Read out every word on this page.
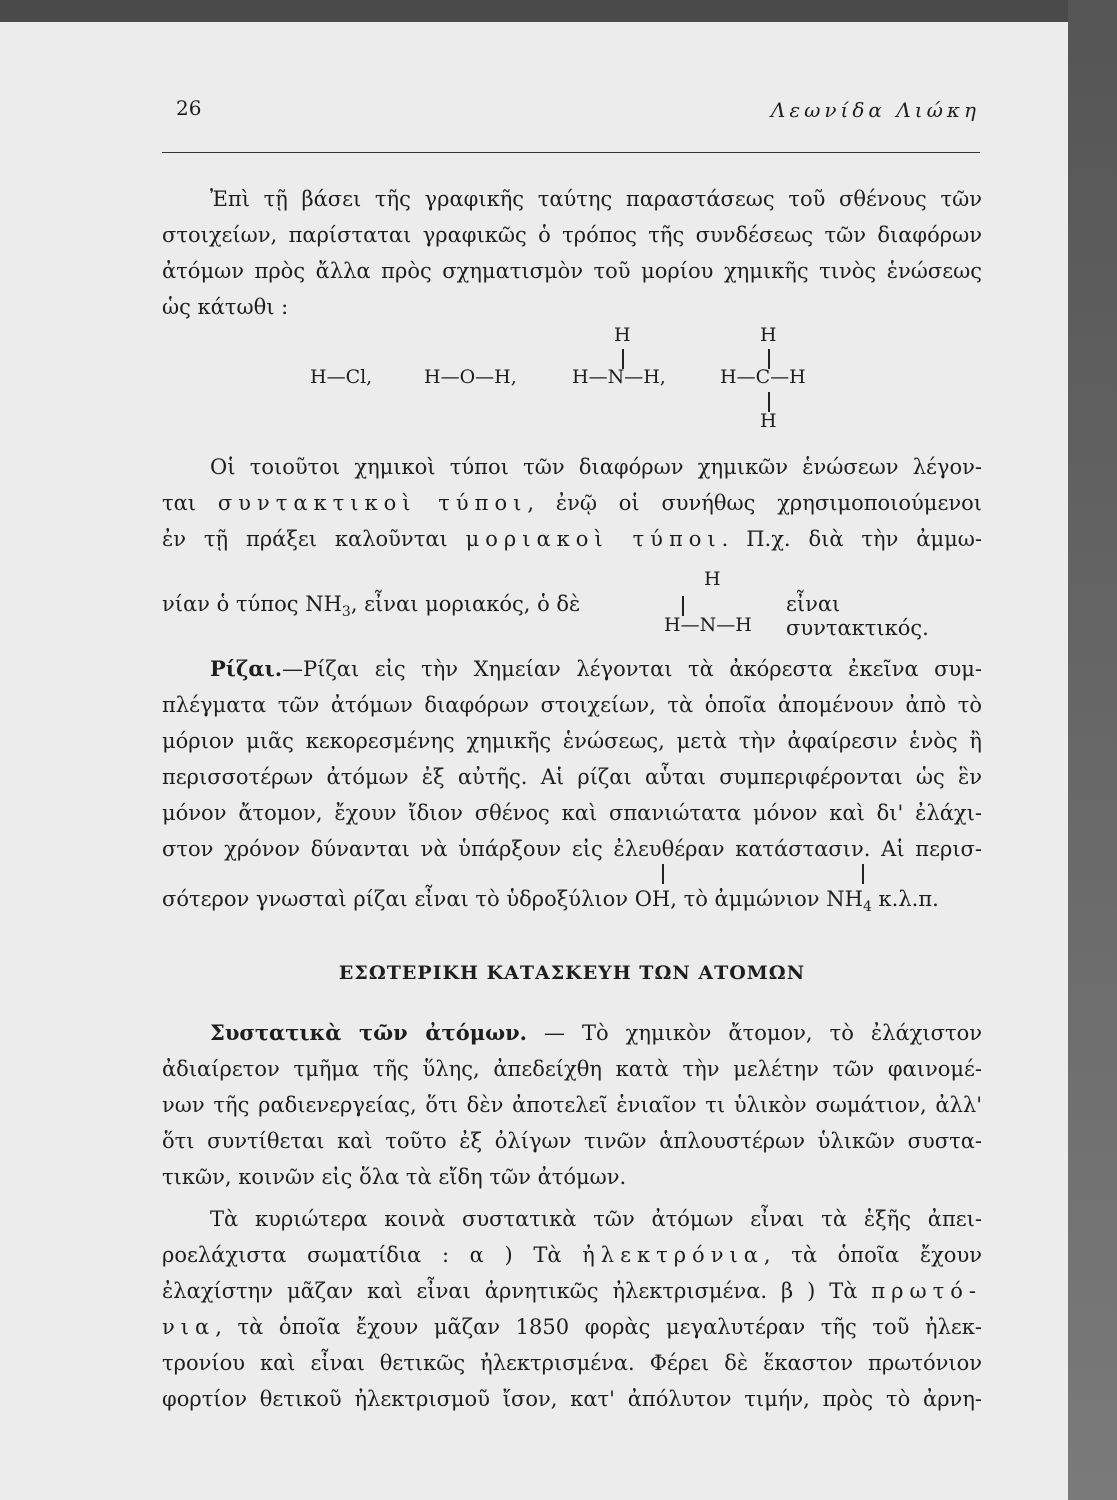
26	Λεωνίδα Λιώκη

Ἐπὶ τῇ βάσει τῆς γραφικῆς ταύτης παραστάσεως τοῦ σθένους τῶν

στοιχείων, παρίσταται γραφικῶς ὁ τρόπος τῆς συνδέσεως τῶν διαφόρων

ἀτόμων πρὸς ἄλλα πρὸς σχηματισμὸν τοῦ μορίου χημικῆς τινὸς ἑνώσεως

ὡς κάτωθι :

H—Cl,	H—O—H,
H
H—N—H,
H
H—C—H
H

Οἱ τοιοῦτοι χημικοὶ τύποι τῶν διαφόρων χημικῶν ἑνώσεων λέγον-

ται συντακτικοὶ τύποι, ἐνῷ οἱ συνήθως χρησιμοποιούμενοι

ἐν τῇ πράξει καλοῦνται μοριακοὶ τύποι. Π.χ. διὰ τὴν ἀμμω-

νίαν ὁ τύπος $NH_3$, εἶναι μοριακός, ὁ δὲ
H
H—N—H
εἶναι συντακτικός.

Ρίζαι.—Ρίζαι εἰς τὴν Χημείαν λέγονται τὰ ἀκόρεστα ἐκεῖνα συμ-

πλέγματα τῶν ἀτόμων διαφόρων στοιχείων, τὰ ὁποῖα ἀπομένουν ἀπὸ τὸ

μόριον μιᾶς κεκορεσμένης χημικῆς ἑνώσεως, μετὰ τὴν ἀφαίρεσιν ἑνὸς ἢ

περισσοτέρων ἀτόμων ἐξ αὐτῆς. Αἱ ρίζαι αὗται συμπεριφέρονται ὡς ἓν

μόνον ἄτομον, ἔχουν ἴδιον σθένος καὶ σπανιώτατα μόνον καὶ δι' ἐλάχι-

στον χρόνον δύνανται νὰ ὑπάρξουν εἰς ἐλευθέραν κατάστασιν. Αἱ περισ-

σότερον γνωσταὶ ρίζαι εἶναι τὸ ὑδροξύλιον OH, τὸ ἀμμώνιον $NH_4$ κ.λ.π.

ΕΣΩΤΕΡΙΚΗ ΚΑΤΑΣΚΕΥΗ ΤΩΝ ΑΤΟΜΩΝ

Συστατικὰ τῶν ἀτόμων. — Τὸ χημικὸν ἄτομον, τὸ ἐλάχιστον

ἀδιαίρετον τμῆμα τῆς ὕλης, ἀπεδείχθη κατὰ τὴν μελέτην τῶν φαινομέ-

νων τῆς ραδιενεργείας, ὅτι δὲν ἀποτελεῖ ἑνιαῖον τι ὑλικὸν σωμάτιον, ἀλλ'

ὅτι συντίθεται καὶ τοῦτο ἐξ ὀλίγων τινῶν ἁπλουστέρων ὑλικῶν συστα-

τικῶν, κοινῶν εἰς ὅλα τὰ εἴδη τῶν ἀτόμων.

Τὰ κυριώτερα κοινὰ συστατικὰ τῶν ἀτόμων εἶναι τὰ ἑξῆς ἀπει-

ροελάχιστα σωματίδια : α ) Τὰ ἠλεκτρόνια, τὰ ὁποῖα ἔχουν

ἐλαχίστην μᾶζαν καὶ εἶναι ἀρνητικῶς ἠλεκτρισμένα. β ) Τὰ πρωτό-

νια, τὰ ὁποῖα ἔχουν μᾶζαν 1850 φορὰς μεγαλυτέραν τῆς τοῦ ἠλεκ-

τρονίου καὶ εἶναι θετικῶς ἠλεκτρισμένα. Φέρει δὲ ἕκαστον πρωτόνιον

φορτίον θετικοῦ ἠλεκτρισμοῦ ἴσον, κατ' ἀπόλυτον τιμήν, πρὸς τὸ ἀρνη-
